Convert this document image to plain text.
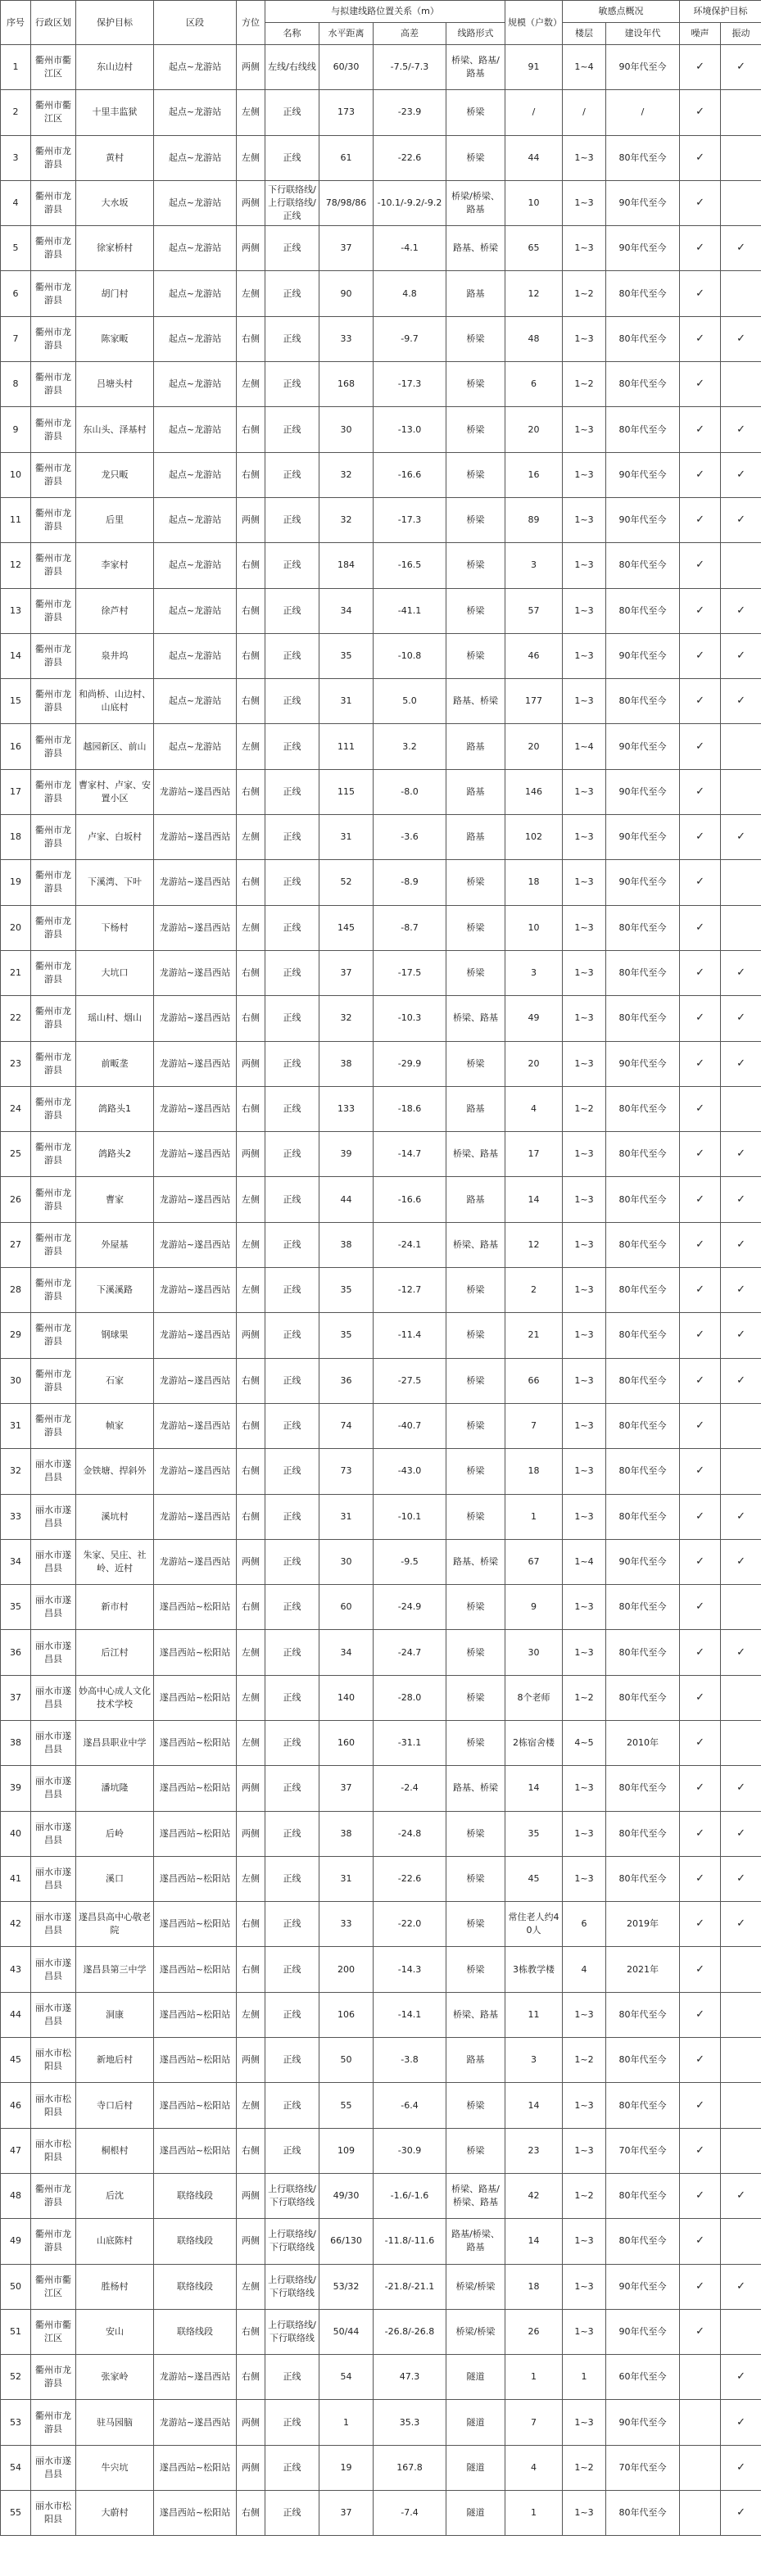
序号	行政区划	保护目标	区段	方位	与拟建线路位置关系（m）				规模（户数）	敏感点概况		环境保护目标	
					名称	水平距离	高差	线路形式		楼层	建设年代	噪声	振动
1	衢州市衢江区	东山边村	起点~龙游站	两侧	左线/右线线	60/30	-7.5/-7.3	桥梁、路基/路基	91	1~4	90年代至今	✓	✓
2	衢州市衢江区	十里丰监狱	起点~龙游站	左侧	正线	173	-23.9	桥梁	/	/	/	✓	
3	衢州市龙游县	黄村	起点~龙游站	左侧	正线	61	-22.6	桥梁	44	1~3	80年代至今	✓	
4	衢州市龙游县	大水坂	起点~龙游站	两侧	下行联络线/上行联络线/正线	78/98/86	-10.1/-9.2/-9.2	桥梁/桥梁、路基	10	1~3	90年代至今	✓	
5	衢州市龙游县	徐家桥村	起点~龙游站	两侧	正线	37	-4.1	路基、桥梁	65	1~3	90年代至今	✓	✓
6	衢州市龙游县	胡门村	起点~龙游站	左侧	正线	90	4.8	路基	12	1~2	80年代至今	✓	
7	衢州市龙游县	陈家畈	起点~龙游站	右侧	正线	33	-9.7	桥梁	48	1~3	80年代至今	✓	✓
8	衢州市龙游县	吕塘头村	起点~龙游站	左侧	正线	168	-17.3	桥梁	6	1~2	80年代至今	✓	
9	衢州市龙游县	东山头、泽基村	起点~龙游站	右侧	正线	30	-13.0	桥梁	20	1~3	80年代至今	✓	✓
10	衢州市龙游县	龙只畈	起点~龙游站	右侧	正线	32	-16.6	桥梁	16	1~3	90年代至今	✓	✓
11	衢州市龙游县	后里	起点~龙游站	两侧	正线	32	-17.3	桥梁	89	1~3	90年代至今	✓	✓
12	衢州市龙游县	李家村	起点~龙游站	右侧	正线	184	-16.5	桥梁	3	1~3	80年代至今	✓	
13	衢州市龙游县	徐芦村	起点~龙游站	右侧	正线	34	-41.1	桥梁	57	1~3	80年代至今	✓	✓
14	衢州市龙游县	泉井坞	起点~龙游站	右侧	正线	35	-10.8	桥梁	46	1~3	90年代至今	✓	✓
15	衢州市龙游县	和尚桥、山边村、山底村	起点~龙游站	右侧	正线	31	5.0	路基、桥梁	177	1~3	80年代至今	✓	✓
16	衢州市龙游县	越园新区、前山	起点~龙游站	左侧	正线	111	3.2	路基	20	1~4	90年代至今	✓	
17	衢州市龙游县	曹家村、卢家、安置小区	龙游站~遂昌西站	右侧	正线	115	-8.0	路基	146	1~3	90年代至今	✓	
18	衢州市龙游县	卢家、白坂村	龙游站~遂昌西站	左侧	正线	31	-3.6	路基	102	1~3	90年代至今	✓	✓
19	衢州市龙游县	下溪湾、下叶	龙游站~遂昌西站	右侧	正线	52	-8.9	桥梁	18	1~3	90年代至今	✓	
20	衢州市龙游县	下杨村	龙游站~遂昌西站	左侧	正线	145	-8.7	桥梁	10	1~3	80年代至今	✓	
21	衢州市龙游县	大坑口	龙游站~遂昌西站	右侧	正线	37	-17.5	桥梁	3	1~3	80年代至今	✓	✓
22	衢州市龙游县	瑶山村、烟山	龙游站~遂昌西站	右侧	正线	32	-10.3	桥梁、路基	49	1~3	80年代至今	✓	✓
23	衢州市龙游县	前畈垄	龙游站~遂昌西站	两侧	正线	38	-29.9	桥梁	20	1~3	90年代至今	✓	✓
24	衢州市龙游县	鸽路头1	龙游站~遂昌西站	右侧	正线	133	-18.6	路基	4	1~2	80年代至今	✓	
25	衢州市龙游县	鸽路头2	龙游站~遂昌西站	两侧	正线	39	-14.7	桥梁、路基	17	1~3	80年代至今	✓	✓
26	衢州市龙游县	曹家	龙游站~遂昌西站	左侧	正线	44	-16.6	路基	14	1~3	80年代至今	✓	✓
27	衢州市龙游县	外屋基	龙游站~遂昌西站	左侧	正线	38	-24.1	桥梁、路基	12	1~3	80年代至今	✓	✓
28	衢州市龙游县	下溪溪路	龙游站~遂昌西站	左侧	正线	35	-12.7	桥梁	2	1~3	80年代至今	✓	✓
29	衢州市龙游县	钢球果	龙游站~遂昌西站	两侧	正线	35	-11.4	桥梁	21	1~3	80年代至今	✓	✓
30	衢州市龙游县	石家	龙游站~遂昌西站	右侧	正线	36	-27.5	桥梁	66	1~3	80年代至今	✓	✓
31	衢州市龙游县	帧家	龙游站~遂昌西站	右侧	正线	74	-40.7	桥梁	7	1~3	80年代至今	✓	
32	丽水市遂昌县	金铁塘、捍斜外	龙游站~遂昌西站	右侧	正线	73	-43.0	桥梁	18	1~3	80年代至今	✓	
33	丽水市遂昌县	溪坑村	龙游站~遂昌西站	右侧	正线	31	-10.1	桥梁	1	1~3	80年代至今	✓	✓
34	丽水市遂昌县	朱家、吴庄、社岭、近村	龙游站~遂昌西站	两侧	正线	30	-9.5	路基、桥梁	67	1~4	90年代至今	✓	✓
35	丽水市遂昌县	新市村	遂昌西站~松阳站	右侧	正线	60	-24.9	桥梁	9	1~3	80年代至今	✓	
36	丽水市遂昌县	后江村	遂昌西站~松阳站	左侧	正线	34	-24.7	桥梁	30	1~3	80年代至今	✓	✓
37	丽水市遂昌县	妙高中心成人文化技术学校	遂昌西站~松阳站	左侧	正线	140	-28.0	桥梁	8个老师	1~2	80年代至今	✓	
38	丽水市遂昌县	遂昌县职业中学	遂昌西站~松阳站	左侧	正线	160	-31.1	桥梁	2栋宿舍楼	4~5	2010年	✓	
39	丽水市遂昌县	潘坑隆	遂昌西站~松阳站	两侧	正线	37	-2.4	路基、桥梁	14	1~3	80年代至今	✓	✓
40	丽水市遂昌县	后岭	遂昌西站~松阳站	两侧	正线	38	-24.8	桥梁	35	1~3	80年代至今	✓	✓
41	丽水市遂昌县	溪口	遂昌西站~松阳站	左侧	正线	31	-22.6	桥梁	45	1~3	80年代至今	✓	✓
42	丽水市遂昌县	遂昌县高中心敬老院	遂昌西站~松阳站	右侧	正线	33	-22.0	桥梁	常住老人约40人	6	2019年	✓	✓
43	丽水市遂昌县	遂昌县第三中学	遂昌西站~松阳站	右侧	正线	200	-14.3	桥梁	3栋教学楼	4	2021年	✓	
44	丽水市遂昌县	洞康	遂昌西站~松阳站	左侧	正线	106	-14.1	桥梁、路基	11	1~3	80年代至今	✓	
45	丽水市松阳县	新地后村	遂昌西站~松阳站	两侧	正线	50	-3.8	路基	3	1~2	80年代至今	✓	
46	丽水市松阳县	寺口后村	遂昌西站~松阳站	左侧	正线	55	-6.4	桥梁	14	1~3	80年代至今	✓	
47	丽水市松阳县	桐根村	遂昌西站~松阳站	右侧	正线	109	-30.9	桥梁	23	1~3	70年代至今	✓	
48	衢州市龙游县	后沈	联络线段	两侧	上行联络线/下行联络线	49/30	-1.6/-1.6	桥梁、路基/桥梁、路基	42	1~2	80年代至今	✓	✓
49	衢州市龙游县	山底陈村	联络线段	两侧	上行联络线/下行联络线	66/130	-11.8/-11.6	路基/桥梁、路基	14	1~3	80年代至今	✓	
50	衢州市衢江区	胜杨村	联络线段	左侧	上行联络线/下行联络线	53/32	-21.8/-21.1	桥梁/桥梁	18	1~3	90年代至今	✓	✓
51	衢州市衢江区	安山	联络线段	右侧	上行联络线/下行联络线	50/44	-26.8/-26.8	桥梁/桥梁	26	1~3	90年代至今	✓	
52	衢州市龙游县	张家岭	龙游站~遂昌西站	右侧	正线	54	47.3	隧道	1	1	60年代至今		✓
53	衢州市龙游县	驻马园脑	龙游站~遂昌西站	两侧	正线	1	35.3	隧道	7	1~3	90年代至今		✓
54	丽水市遂昌县	牛宍坑	遂昌西站~松阳站	两侧	正线	19	167.8	隧道	4	1~2	70年代至今		✓
55	丽水市松阳县	大蔚村	遂昌西站~松阳站	右侧	正线	37	-7.4	隧道	1	1~3	80年代至今		✓
